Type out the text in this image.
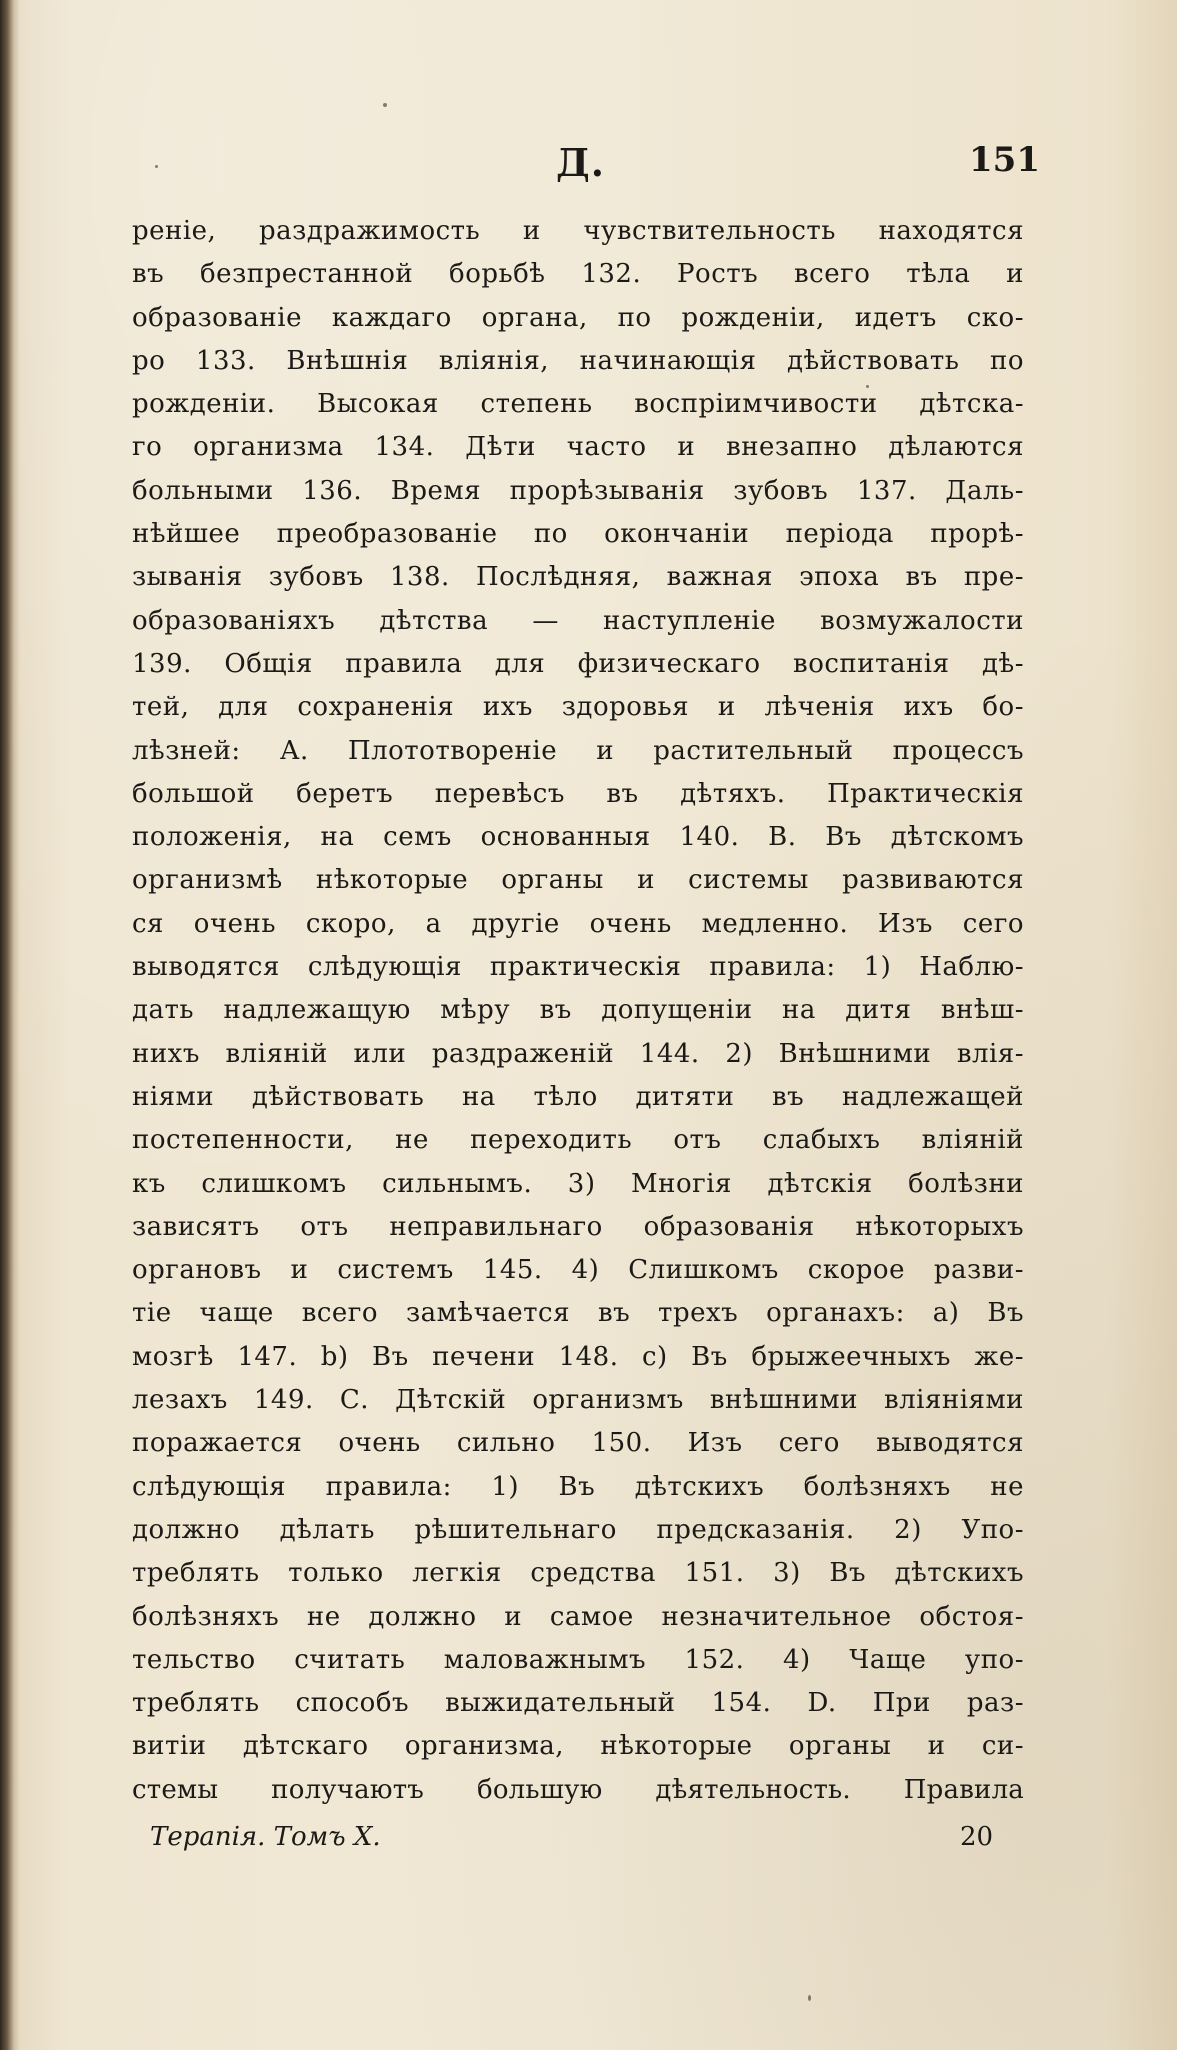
Д.	151
реніе, раздражимость и чувствительность находятся
въ безпрестанной борьбѣ 132. Ростъ всего тѣла и
образованіе каждаго органа, по рожденіи, идетъ ско-
ро 133. Внѣшнія вліянія, начинающія дѣйствовать по
рожденіи. Высокая степень воспріимчивости дѣтска-
го организма 134. Дѣти часто и внезапно дѣлаются
больными 136. Время прорѣзыванія зубовъ 137. Даль-
нѣйшее преобразованіе по окончаніи періода прорѣ-
зыванія зубовъ 138. Послѣдняя, важная эпоха въ пре-
образованіяхъ дѣтства — наступленіе возмужалости
139. Общія правила для физическаго воспитанія дѣ-
тей, для сохраненія ихъ здоровья и лѣченія ихъ бо-
лѣзней: А. Плототвореніе и растительный процессъ
большой беретъ перевѣсъ въ дѣтяхъ. Практическія
положенія, на семъ основанныя 140. В. Въ дѣтскомъ
организмѣ нѣкоторые органы и системы развиваются
ся очень скоро, а другіе очень медленно. Изъ сего
выводятся слѣдующія практическія правила: 1) Наблю-
дать надлежащую мѣру въ допущеніи на дитя внѣш-
нихъ вліяній или раздраженій 144. 2) Внѣшними влія-
ніями дѣйствовать на тѣло дитяти въ надлежащей
постепенности, не переходить отъ слабыхъ вліяній
къ слишкомъ сильнымъ. 3) Многія дѣтскія болѣзни
зависятъ отъ неправильнаго образованія нѣкоторыхъ
органовъ и системъ 145. 4) Слишкомъ скорое разви-
тіе чаще всего замѣчается въ трехъ органахъ: a) Въ
мозгѣ 147. b) Въ печени 148. c) Въ брыжеечныхъ же-
лезахъ 149. С. Дѣтскій организмъ внѣшними вліяніями
поражается очень сильно 150. Изъ сего выводятся
слѣдующія правила: 1) Въ дѣтскихъ болѣзняхъ не
должно дѣлать рѣшительнаго предсказанія. 2) Упо-
треблять только легкія средства 151. 3) Въ дѣтскихъ
болѣзняхъ не должно и самое незначительное обстоя-
тельство считать маловажнымъ 152. 4) Чаще упо-
треблять способъ выжидательный 154. D. При раз-
витіи дѣтскаго организма, нѣкоторые органы и си-
стемы получаютъ большую дѣятельность. Правила
Терапія. Томъ Х.	20
